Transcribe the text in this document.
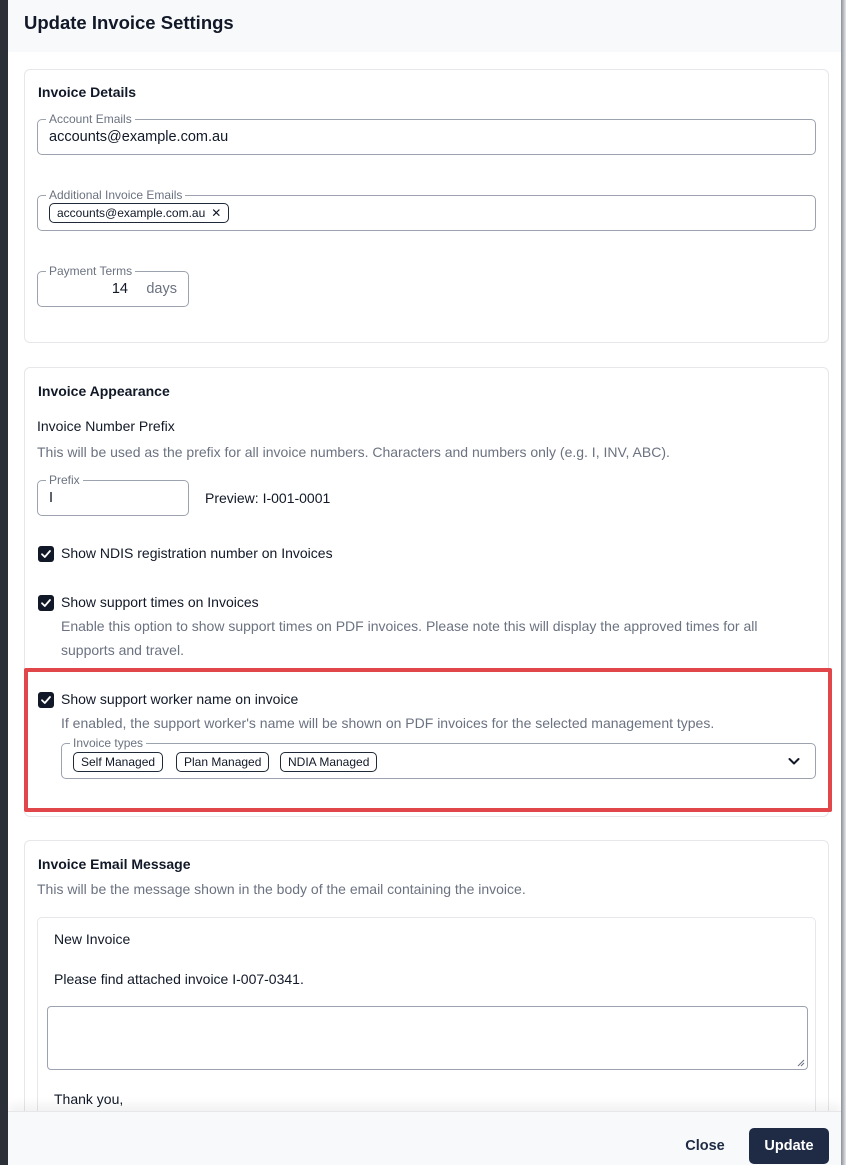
Update Invoice Settings
Invoice Details
Account Emails
accounts@example.com.au
Additional Invoice Emails
accounts@example.com.au ✕
Payment Terms
14 days
Invoice Appearance
Invoice Number Prefix
This will be used as the prefix for all invoice numbers. Characters and numbers only (e.g. I, INV, ABC).
Prefix
I	Preview: I-001-0001
Show NDIS registration number on Invoices
Show support times on Invoices
Enable this option to show support times on PDF invoices. Please note this will display the approved times for all
supports and travel.
Show support worker name on invoice
If enabled, the support worker's name will be shown on PDF invoices for the selected management types.
Invoice types
Self Managed	Plan Managed	NDIA Managed
Invoice Email Message
This will be the message shown in the body of the email containing the invoice.
New Invoice
Please find attached invoice I-007-0341.
Thank you,
Close	Update
